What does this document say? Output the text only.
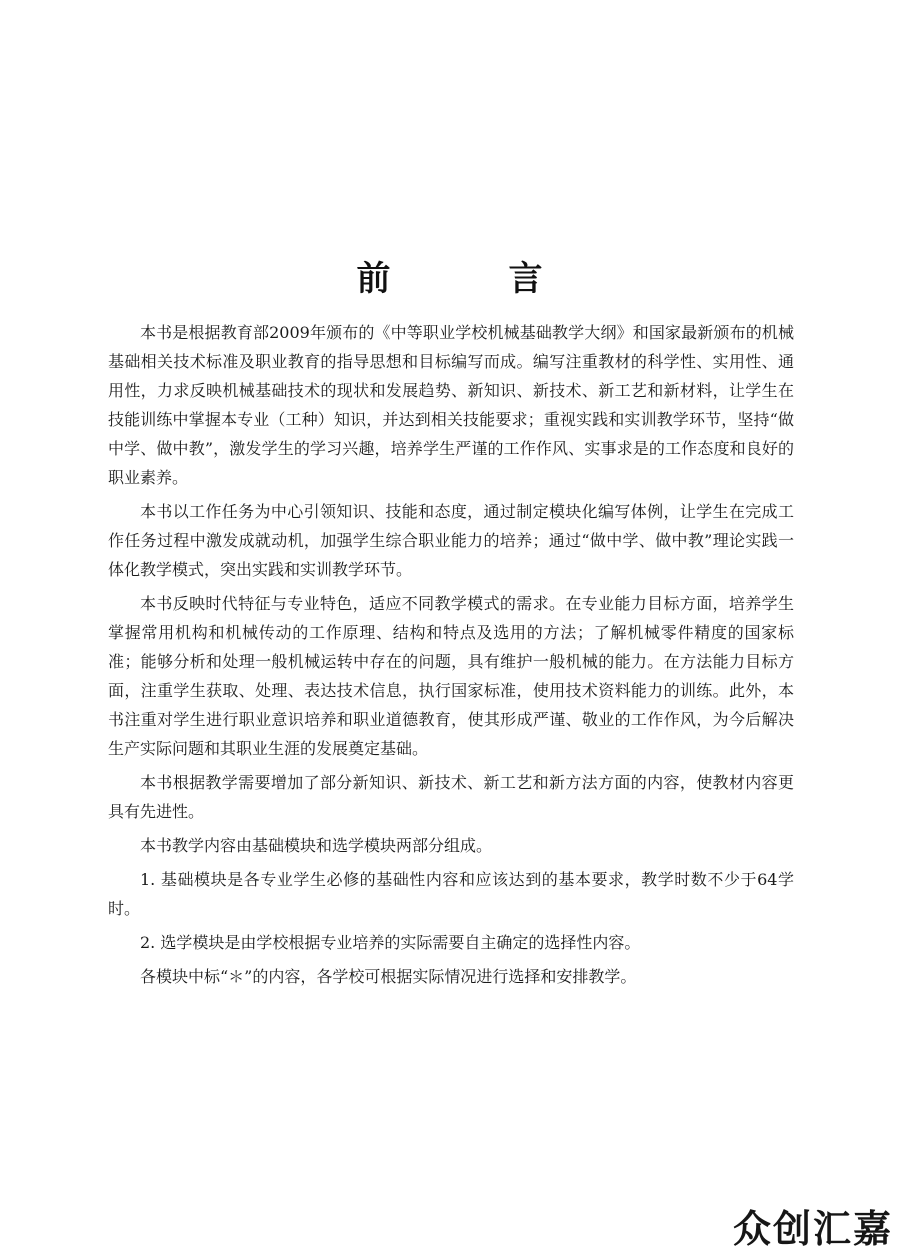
前　言

本书是根据教育部2009年颁布的《中等职业学校机械基础教学大纲》和国家最新颁布的机械基础相关技术标准及职业教育的指导思想和目标编写而成。编写注重教材的科学性、实用性、通用性，力求反映机械基础技术的现状和发展趋势、新知识、新技术、新工艺和新材料，让学生在技能训练中掌握本专业（工种）知识，并达到相关技能要求；重视实践和实训教学环节，坚持“做中学、做中教”，激发学生的学习兴趣，培养学生严谨的工作作风、实事求是的工作态度和良好的职业素养。

本书以工作任务为中心引领知识、技能和态度，通过制定模块化编写体例，让学生在完成工作任务过程中激发成就动机，加强学生综合职业能力的培养；通过“做中学、做中教”理论实践一体化教学模式，突出实践和实训教学环节。

本书反映时代特征与专业特色，适应不同教学模式的需求。在专业能力目标方面，培养学生掌握常用机构和机械传动的工作原理、结构和特点及选用的方法；了解机械零件精度的国家标准；能够分析和处理一般机械运转中存在的问题，具有维护一般机械的能力。在方法能力目标方面，注重学生获取、处理、表达技术信息，执行国家标准，使用技术资料能力的训练。此外，本书注重对学生进行职业意识培养和职业道德教育，使其形成严谨、敬业的工作作风，为今后解决生产实际问题和其职业生涯的发展奠定基础。

本书根据教学需要增加了部分新知识、新技术、新工艺和新方法方面的内容，使教材内容更具有先进性。

本书教学内容由基础模块和选学模块两部分组成。

1. 基础模块是各专业学生必修的基础性内容和应该达到的基本要求，教学时数不少于64学时。

2. 选学模块是由学校根据专业培养的实际需要自主确定的选择性内容。

各模块中标“＊”的内容，各学校可根据实际情况进行选择和安排教学。

众创汇嘉
